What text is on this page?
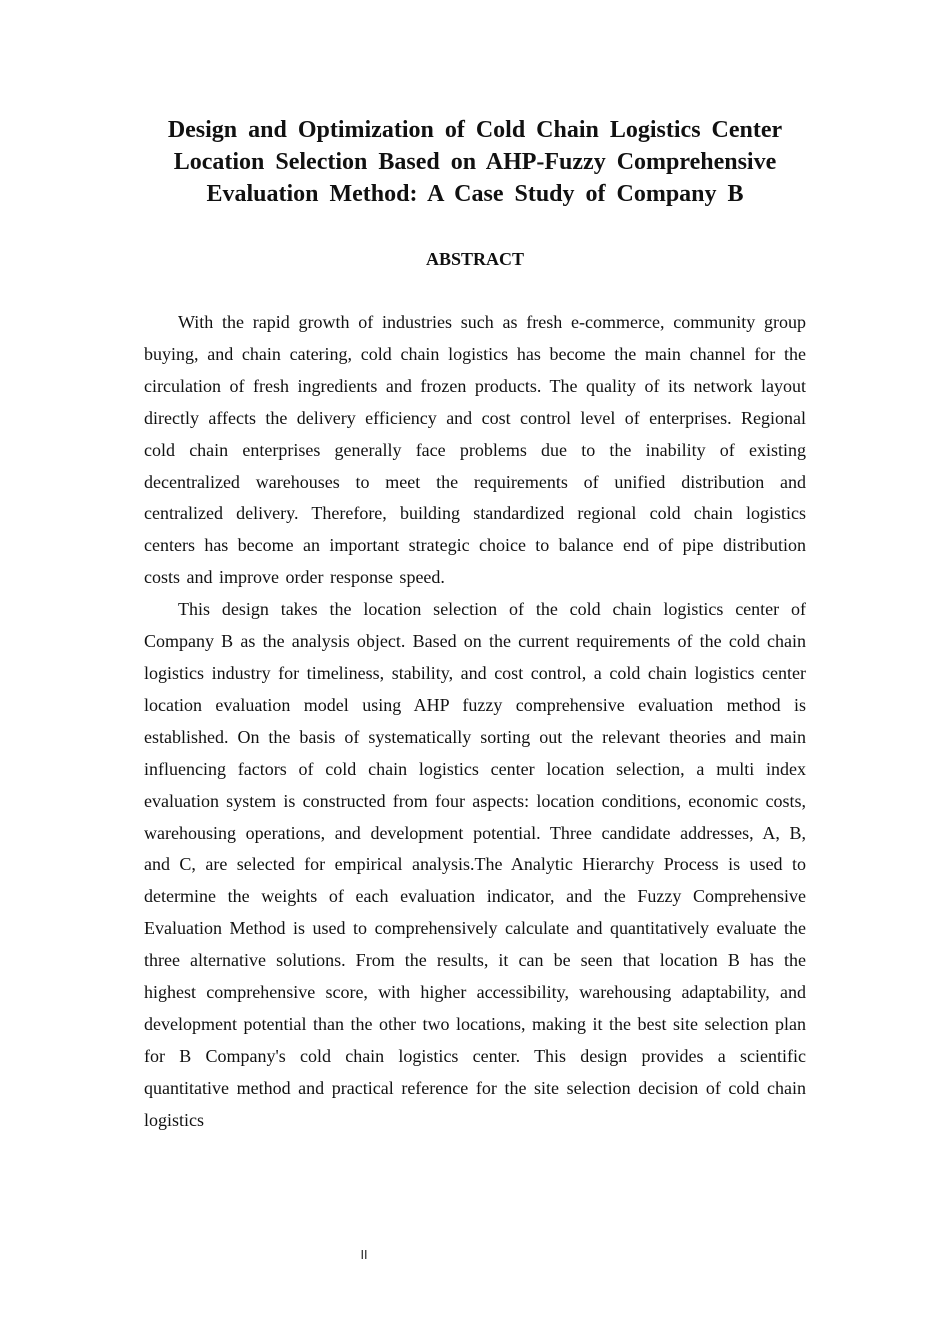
Design and Optimization of Cold Chain Logistics Center Location Selection Based on AHP-Fuzzy Comprehensive Evaluation Method: A Case Study of Company B
ABSTRACT

With the rapid growth of industries such as fresh e-commerce, community group buying, and chain catering, cold chain logistics has become the main channel for the circulation of fresh ingredients and frozen products. The quality of its network layout directly affects the delivery efficiency and cost control level of enterprises. Regional cold chain enterprises generally face problems due to the inability of existing decentralized warehouses to meet the requirements of unified distribution and centralized delivery. Therefore, building standardized regional cold chain logistics centers has become an important strategic choice to balance end of pipe distribution costs and improve order response speed.

This design takes the location selection of the cold chain logistics center of Company B as the analysis object. Based on the current requirements of the cold chain logistics industry for timeliness, stability, and cost control, a cold chain logistics center location evaluation model using AHP fuzzy comprehensive evaluation method is established. On the basis of systematically sorting out the relevant theories and main influencing factors of cold chain logistics center location selection, a multi index evaluation system is constructed from four aspects: location conditions, economic costs, warehousing operations, and development potential. Three candidate addresses, A, B, and C, are selected for empirical analysis.The Analytic Hierarchy Process is used to determine the weights of each evaluation indicator, and the Fuzzy Comprehensive Evaluation Method is used to comprehensively calculate and quantitatively evaluate the three alternative solutions. From the results, it can be seen that location B has the highest comprehensive score, with higher accessibility, warehousing adaptability, and development potential than the other two locations, making it the best site selection plan for B Company's cold chain logistics center. This design provides a scientific quantitative method and practical reference for the site selection decision of cold chain logistics

II
